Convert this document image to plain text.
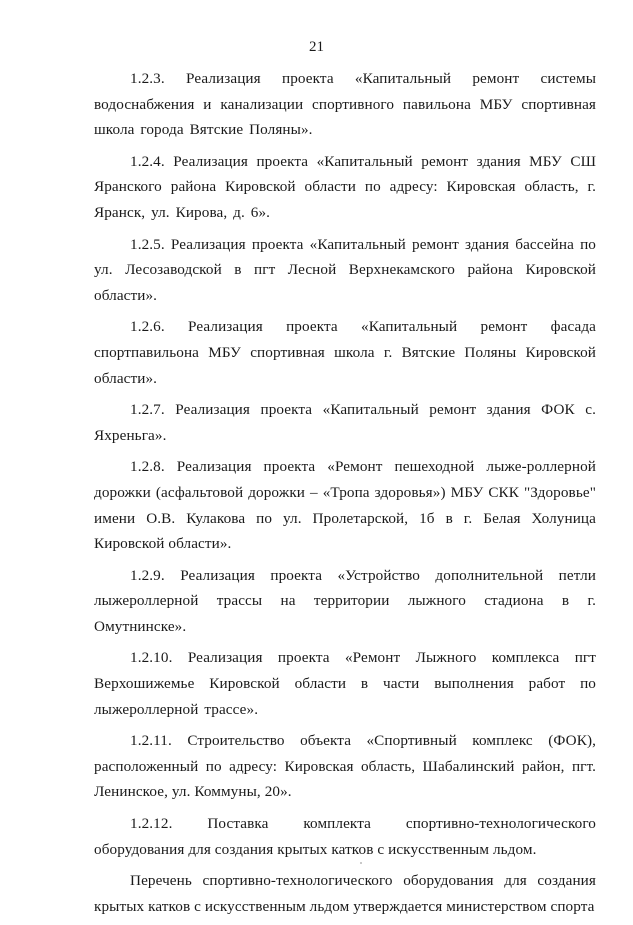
21

1.2.3. Реализация проекта «Капитальный ремонт системы водоснабжения и канализации спортивного павильона МБУ спортивная школа города Вятские Поляны».

1.2.4. Реализация проекта «Капитальный ремонт здания МБУ СШ Яранского района Кировской области по адресу: Кировская область, г. Яранск, ул. Кирова, д. 6».

1.2.5. Реализация проекта «Капитальный ремонт здания бассейна по ул. Лесозаводской в пгт Лесной Верхнекамского района Кировской области».

1.2.6. Реализация проекта «Капитальный ремонт фасада спортпавильона МБУ спортивная школа г. Вятские Поляны Кировской области».

1.2.7. Реализация проекта «Капитальный ремонт здания ФОК с. Яхреньга».

1.2.8. Реализация проекта «Ремонт пешеходной лыже-роллерной дорожки (асфальтовой дорожки – «Тропа здоровья») МБУ СКК "Здоровье" имени О.В. Кулакова по ул. Пролетарской, 1б в г. Белая Холуница Кировской области».

1.2.9. Реализация проекта «Устройство дополнительной петли лыжероллерной трассы на территории лыжного стадиона в г. Омутнинске».

1.2.10. Реализация проекта «Ремонт Лыжного комплекса пгт Верхошижемье Кировской области в части выполнения работ по лыжероллерной трассе».

1.2.11. Строительство объекта «Спортивный комплекс (ФОК), расположенный по адресу: Кировская область, Шабалинский район, пгт. Ленинское, ул. Коммуны, 20».

1.2.12. Поставка комплекта спортивно-технологического оборудования для создания крытых катков с искусственным льдом.

Перечень спортивно-технологического оборудования для создания крытых катков с искусственным льдом утверждается министерством спорта
